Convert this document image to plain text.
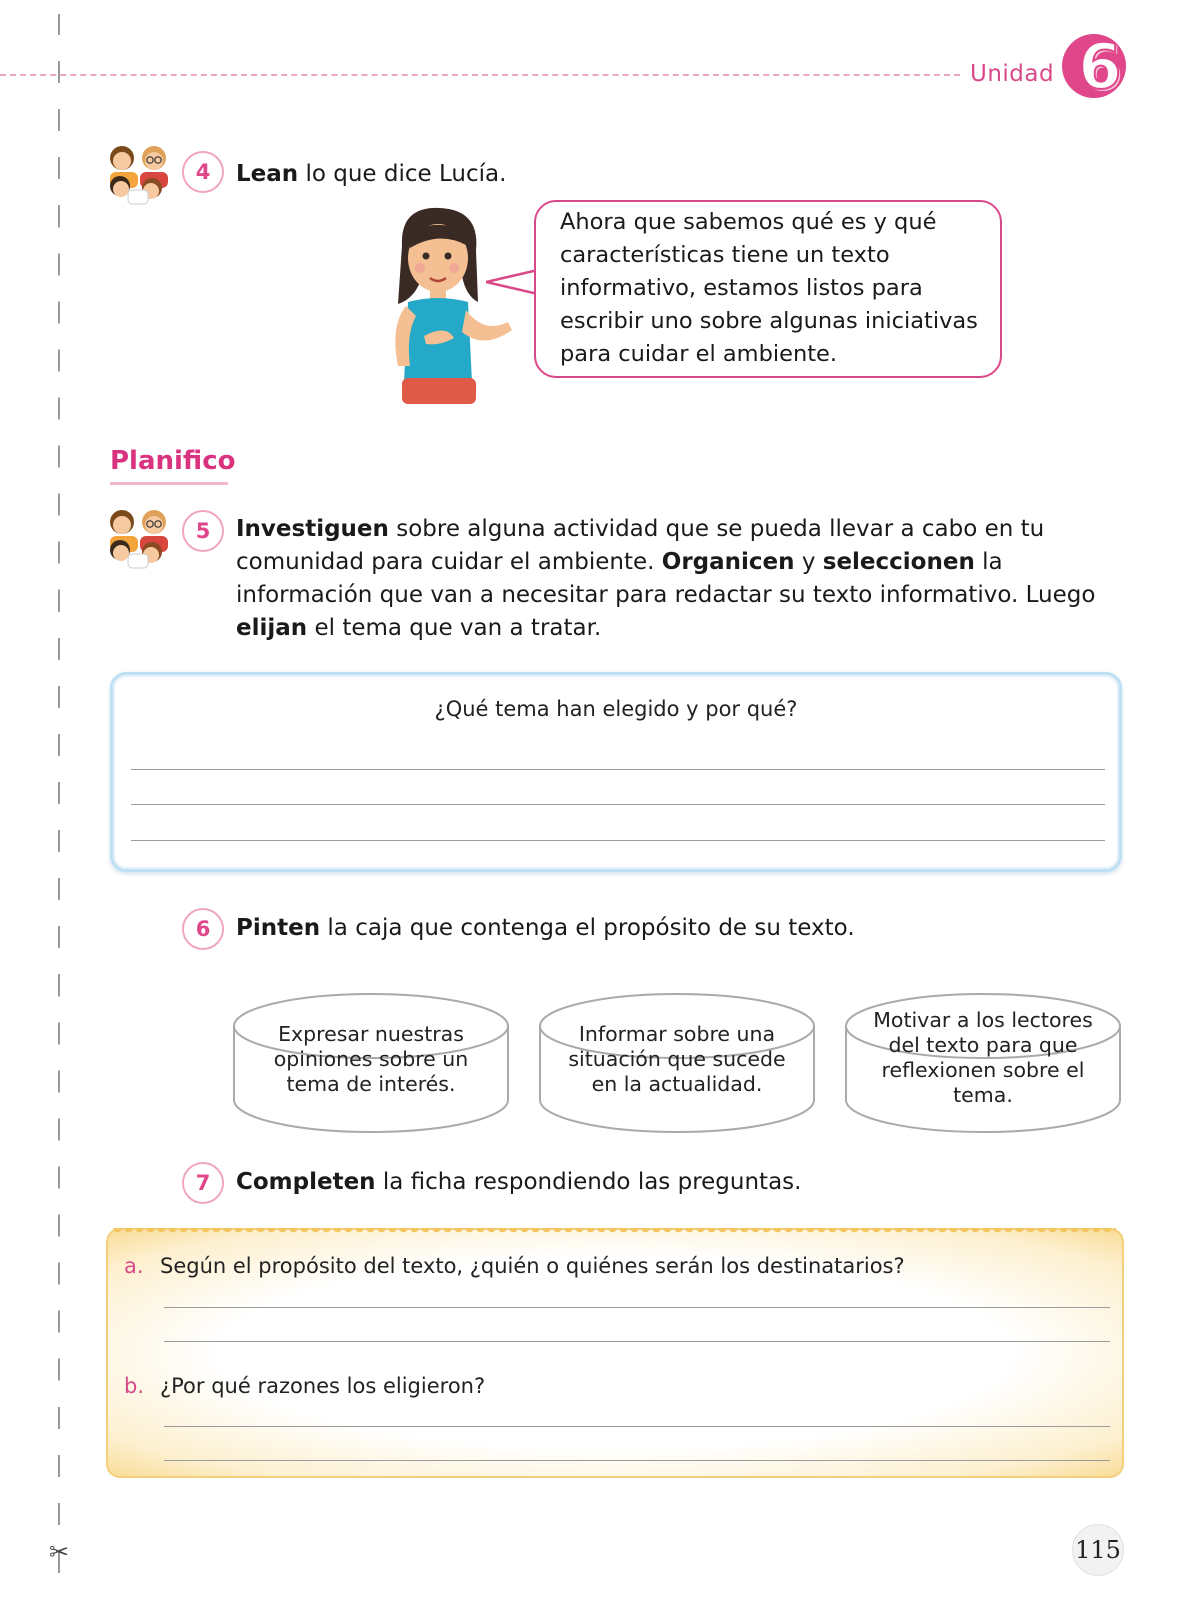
✂
Unidad 6
4	Lean lo que dice Lucía.
Ahora que sabemos qué es y qué características tiene un texto informativo, estamos listos para escribir uno sobre algunas iniciativas para cuidar el ambiente.
Planifico
5	Investiguen sobre alguna actividad que se pueda llevar a cabo en tu comunidad para cuidar el ambiente. Organicen y seleccionen la información que van a necesitar para redactar su texto informativo. Luego elijan el tema que van a tratar.
¿Qué tema han elegido y por qué?
6	Pinten la caja que contenga el propósito de su texto.
Expresar nuestras opiniones sobre un tema de interés.
Informar sobre una situación que sucede en la actualidad.
Motivar a los lectores del texto para que reflexionen sobre el tema.
7	Completen la ficha respondiendo las preguntas.
a. Según el propósito del texto, ¿quién o quiénes serán los destinatarios?
b. ¿Por qué razones los eligieron?
115
